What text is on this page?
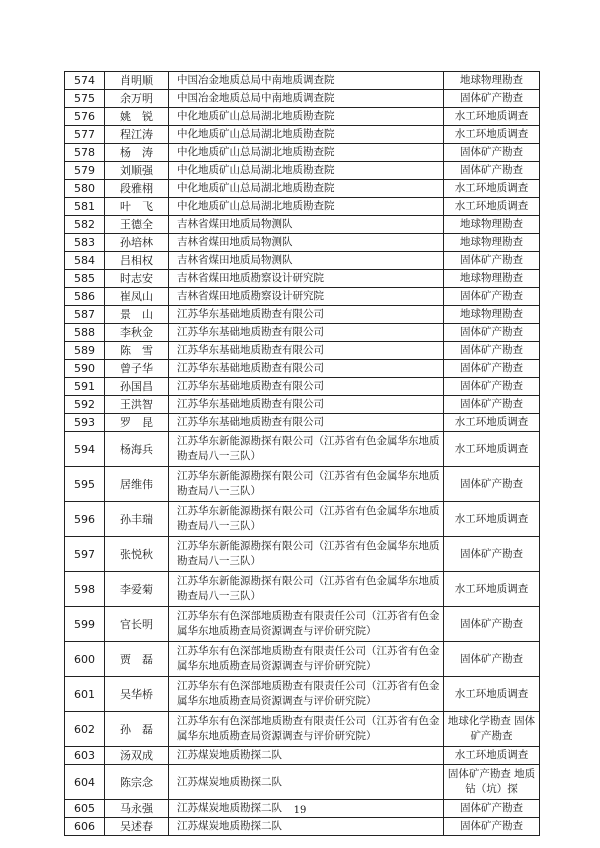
574	肖明顺	中国冶金地质总局中南地质调查院	地球物理勘查
575	余万明	中国冶金地质总局中南地质调查院	固体矿产勘查
576	姚锐	中化地质矿山总局湖北地质勘查院	水工环地质调查
577	程江涛	中化地质矿山总局湖北地质勘查院	水工环地质调查
578	杨涛	中化地质矿山总局湖北地质勘查院	固体矿产勘查
579	刘顺强	中化地质矿山总局湖北地质勘查院	固体矿产勘查
580	段雅栩	中化地质矿山总局湖北地质勘查院	水工环地质调查
581	叶飞	中化地质矿山总局湖北地质勘查院	水工环地质调查
582	王德全	吉林省煤田地质局物测队	地球物理勘查
583	孙培林	吉林省煤田地质局物测队	地球物理勘查
584	吕相权	吉林省煤田地质局物测队	固体矿产勘查
585	时志安	吉林省煤田地质勘察设计研究院	地球物理勘查
586	崔凤山	吉林省煤田地质勘察设计研究院	固体矿产勘查
587	景山	江苏华东基础地质勘查有限公司	地球物理勘查
588	李秋金	江苏华东基础地质勘查有限公司	固体矿产勘查
589	陈雪	江苏华东基础地质勘查有限公司	固体矿产勘查
590	曾子华	江苏华东基础地质勘查有限公司	固体矿产勘查
591	孙国昌	江苏华东基础地质勘查有限公司	固体矿产勘查
592	王洪智	江苏华东基础地质勘查有限公司	固体矿产勘查
593	罗昆	江苏华东基础地质勘查有限公司	水工环地质调查
594	杨海兵	江苏华东新能源勘探有限公司（江苏省有色金属华东地质勘查局八一三队）	水工环地质调查
595	居维伟	江苏华东新能源勘探有限公司（江苏省有色金属华东地质勘查局八一三队）	固体矿产勘查
596	孙丰瑞	江苏华东新能源勘探有限公司（江苏省有色金属华东地质勘查局八一三队）	水工环地质调查
597	张悦秋	江苏华东新能源勘探有限公司（江苏省有色金属华东地质勘查局八一三队）	固体矿产勘查
598	李爱菊	江苏华东新能源勘探有限公司（江苏省有色金属华东地质勘查局八一三队）	水工环地质调查
599	官长明	江苏华东有色深部地质勘查有限责任公司（江苏省有色金属华东地质勘查局资源调查与评价研究院）	固体矿产勘查
600	贾磊	江苏华东有色深部地质勘查有限责任公司（江苏省有色金属华东地质勘查局资源调查与评价研究院）	固体矿产勘查
601	吴华桥	江苏华东有色深部地质勘查有限责任公司（江苏省有色金属华东地质勘查局资源调查与评价研究院）	水工环地质调查
602	孙磊	江苏华东有色深部地质勘查有限责任公司（江苏省有色金属华东地质勘查局资源调查与评价研究院）	地球化学勘查 固体矿产勘查
603	汤双成	江苏煤炭地质勘探二队	水工环地质调查
604	陈宗念	江苏煤炭地质勘探二队	固体矿产勘查 地质钻（坑）探
605	马永强	江苏煤炭地质勘探二队	固体矿产勘查
606	吴述春	江苏煤炭地质勘探二队	固体矿产勘查
19
